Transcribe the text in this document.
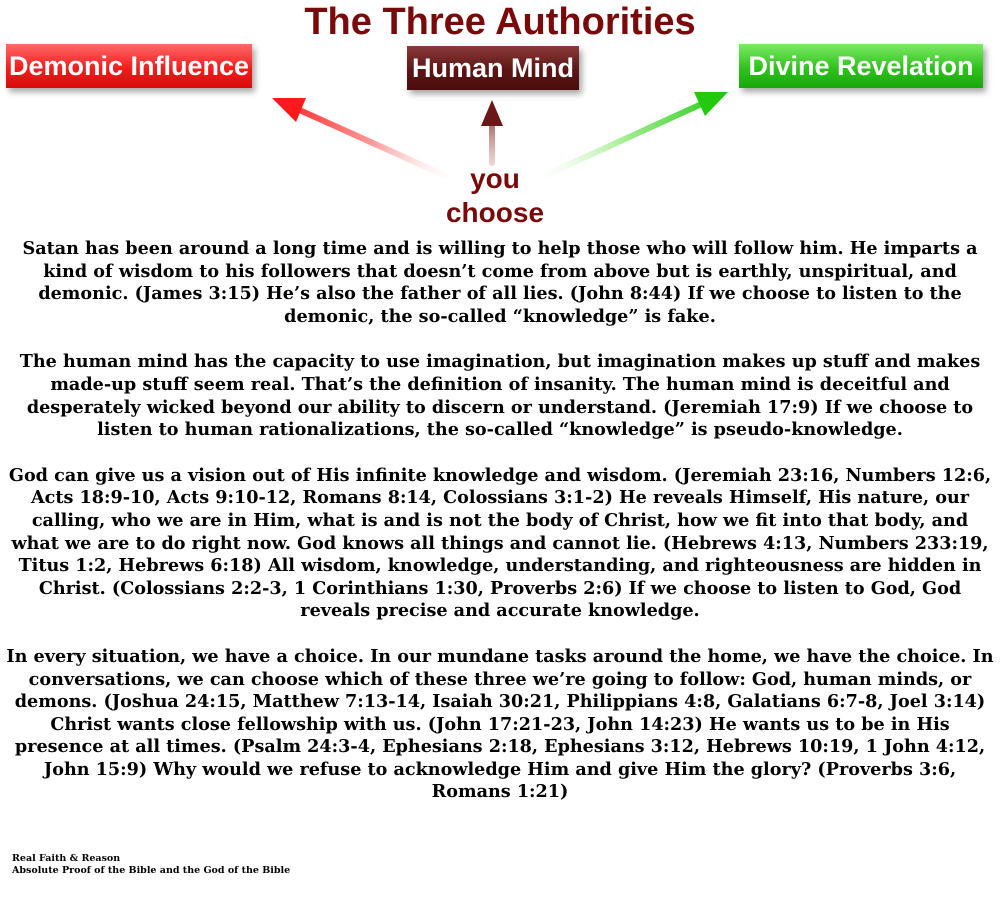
The Three Authorities
Demonic Influence	Human Mind	Divine Revelation
you
choose

Satan has been around a long time and is willing to help those who will follow him. He imparts a kind of wisdom to his followers that doesn’t come from above but is earthly, unspiritual, and demonic. (James 3:15) He’s also the father of all lies. (John 8:44) If we choose to listen to the demonic, the so-called “knowledge” is fake.

The human mind has the capacity to use imagination, but imagination makes up stuff and makes made-up stuff seem real. That’s the definition of insanity. The human mind is deceitful and desperately wicked beyond our ability to discern or understand. (Jeremiah 17:9) If we choose to listen to human rationalizations, the so-called “knowledge” is pseudo-knowledge.

God can give us a vision out of His infinite knowledge and wisdom. (Jeremiah 23:16, Numbers 12:6, Acts 18:9-10, Acts 9:10-12, Romans 8:14, Colossians 3:1-2) He reveals Himself, His nature, our calling, who we are in Him, what is and is not the body of Christ, how we fit into that body, and what we are to do right now. God knows all things and cannot lie. (Hebrews 4:13, Numbers 233:19, Titus 1:2, Hebrews 6:18) All wisdom, knowledge, understanding, and righteousness are hidden in Christ. (Colossians 2:2-3, 1 Corinthians 1:30, Proverbs 2:6) If we choose to listen to God, God reveals precise and accurate knowledge.

In every situation, we have a choice. In our mundane tasks around the home, we have the choice. In conversations, we can choose which of these three we’re going to follow: God, human minds, or demons. (Joshua 24:15, Matthew 7:13-14, Isaiah 30:21, Philippians 4:8, Galatians 6:7-8, Joel 3:14) Christ wants close fellowship with us. (John 17:21-23, John 14:23) He wants us to be in His presence at all times. (Psalm 24:3-4, Ephesians 2:18, Ephesians 3:12, Hebrews 10:19, 1 John 4:12, John 15:9) Why would we refuse to acknowledge Him and give Him the glory? (Proverbs 3:6, Romans 1:21)

Real Faith & Reason
Absolute Proof of the Bible and the God of the Bible
